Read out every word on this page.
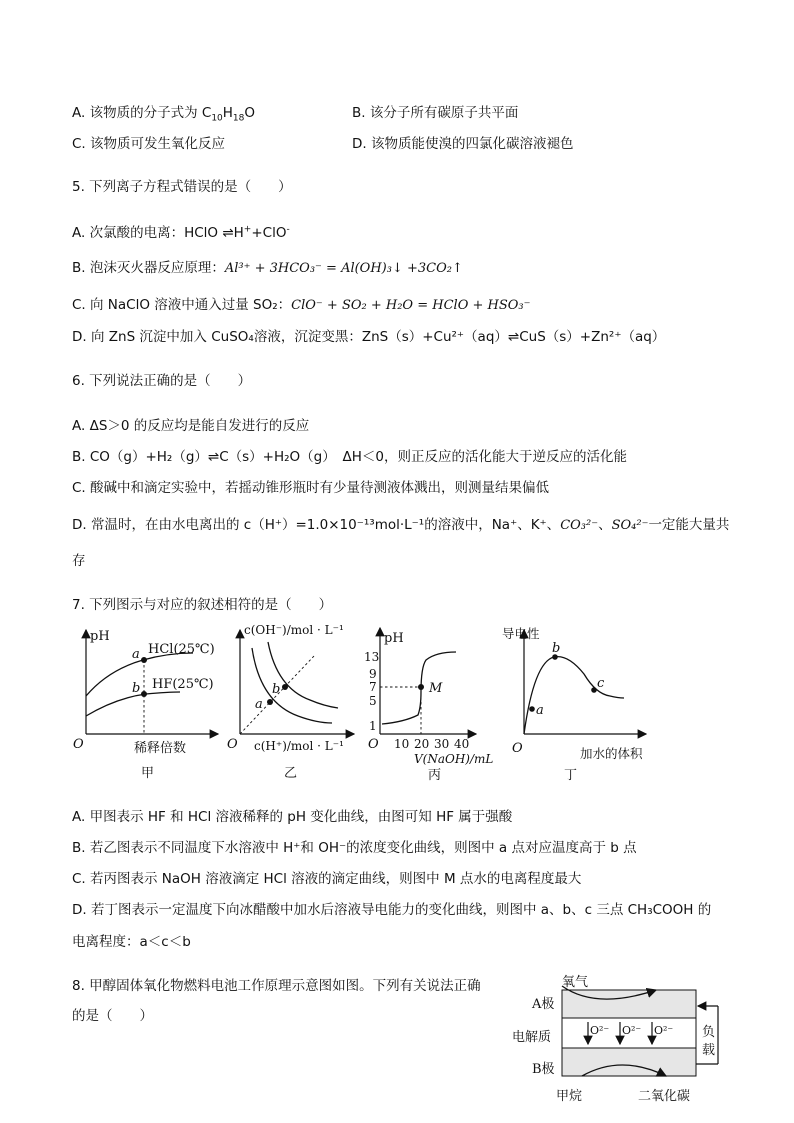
A. 该物质的分子式为 $C_{10}H_{18}O$	B. 该分子所有碳原子共平面
C. 该物质可发生氧化反应	D. 该物质能使溴的四氯化碳溶液褪色
5. 下列离子方程式错误的是（　　）
A. 次氯酸的电离：HClO ⇌H++ClO-
B. 泡沫灭火器反应原理：Al³⁺ + 3HCO₃⁻ = Al(OH)₃↓ +3CO₂↑
C. 向 NaClO 溶液中通入过量 SO₂：ClO⁻ + SO₂ + H₂O = HClO + HSO₃⁻
D. 向 ZnS 沉淀中加入 CuSO₄溶液，沉淀变黑：ZnS（s）+Cu²⁺（aq）⇌CuS（s）+Zn²⁺（aq）
6. 下列说法正确的是（　　）
A. ΔS＞0 的反应均是能自发进行的反应
B. CO（g）+H₂（g）⇌C（s）+H₂O（g）　ΔH＜0，则正反应的活化能大于逆反应的活化能
C. 酸碱中和滴定实验中，若摇动锥形瓶时有少量待测液体溅出，则测量结果偏低
D. 常温时，在由水电离出的 c（H⁺）=1.0×10⁻¹³mol·L⁻¹的溶液中，Na⁺、K⁺、CO₃²⁻、SO₄²⁻一定能大量共
存
7. 下列图示与对应的叙述相符的是（　　）
pH
a
b
HCl(25℃)
HF(25℃)
O	稀释倍数
甲
c(OH⁻)/mol · L⁻¹
a
b
O c(H⁺)/mol · L⁻¹
乙
pH
13
9
7
5
1
M
O 10 20 30 40
V(NaOH)/mL
丙
导电性
a
b
c
O	加水的体积
丁
A. 甲图表示 HF 和 HCl 溶液稀释的 pH 变化曲线，由图可知 HF 属于强酸
B. 若乙图表示不同温度下水溶液中 H⁺和 OH⁻的浓度变化曲线，则图中 a 点对应温度高于 b 点
C. 若丙图表示 NaOH 溶液滴定 HCl 溶液的滴定曲线，则图中 M 点水的电离程度最大
D. 若丁图表示一定温度下向冰醋酸中加水后溶液导电能力的变化曲线，则图中 a、b、c 三点 CH₃COOH 的
电离程度：a＜c＜b
8. 甲醇固体氧化物燃料电池工作原理示意图如图。下列有关说法正确
的是（　　）
氧气
A极
电解质
B极
O²⁻ O²⁻ O²⁻ 负
载
甲烷	二氧化碳
